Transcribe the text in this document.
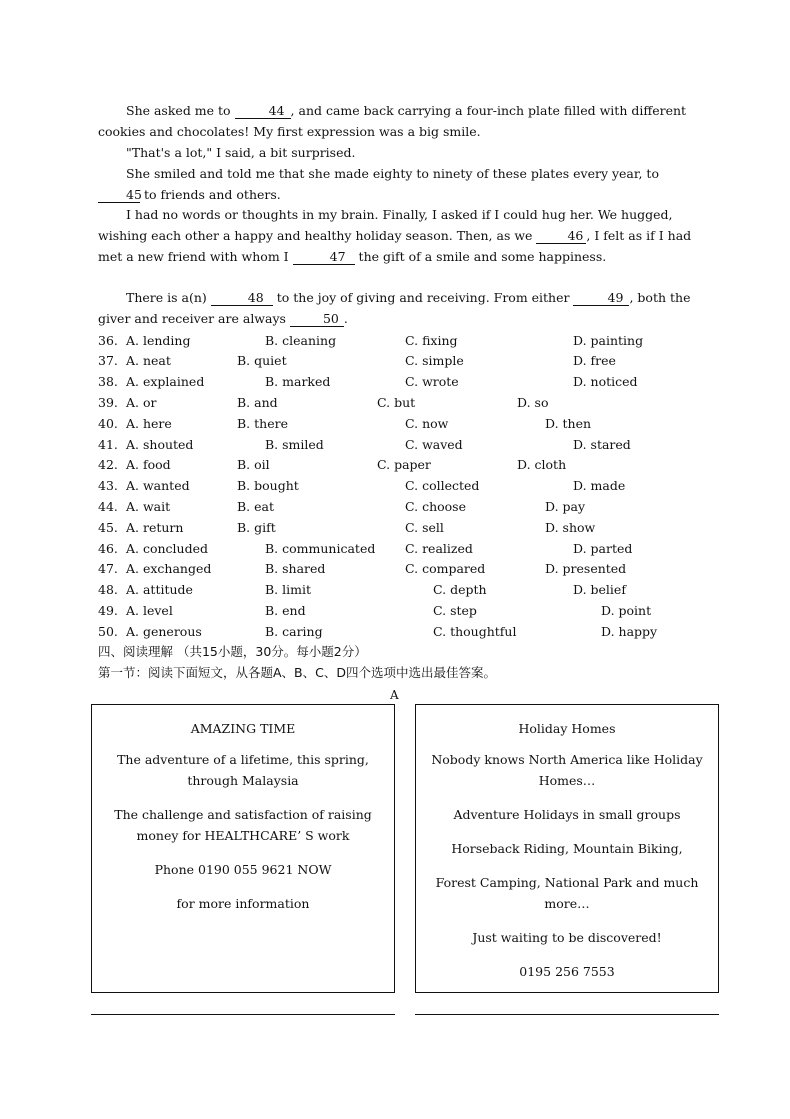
She asked me to	44 , and came back carrying a four-inch plate filled with different cookies and chocolates! My first expression was a big smile.

"That's a lot," I said, a bit surprised.

She smiled and told me that she made eighty to ninety of these plates every year, to 45 to friends and others.

I had no words or thoughts in my brain. Finally, I asked if I could hug her. We hugged, wishing each other a happy and healthy holiday season. Then, as we 46 , I felt as if I had met a new friend with whom I	47 the gift of a smile and some happiness.

There is a(n)	48 to the joy of giving and receiving. From either	49 , both the giver and receiver are always	50 .

36. A. lending	B. cleaning	C. fixing	D. painting
37. A. neat	B. quiet	C. simple	D. free
38. A. explained	B. marked	C. wrote	D. noticed
39. A. or	B. and	C. but	D. so
40. A. here	B. there	C. now	D. then
41. A. shouted	B. smiled	C. waved	D. stared
42. A. food	B. oil	C. paper	D. cloth
43. A. wanted	B. bought	C. collected	D. made
44. A. wait	B. eat	C. choose	D. pay
45. A. return	B. gift	C. sell	D. show
46. A. concluded	B. communicated C. realized	D. parted
47. A. exchanged	B. shared	C. compared	D. presented
48. A. attitude	B. limit	C. depth	D. belief
49. A. level	B. end	C. step	D. point
50. A. generous	B. caring	C. thoughtful	D. happy
四、阅读理解 （共15小题，30分。每小题2分）
第一节：阅读下面短文，从各题A、B、C、D四个选项中选出最佳答案。
A

AMAZING TIME

The adventure of a lifetime, this spring, through Malaysia

The challenge and satisfaction of raising money for HEALTHCARE’ S work

Phone 0190 055 9621 NOW

for more information

Holiday Homes

Nobody knows North America like Holiday Homes…

Adventure Holidays in small groups

Horseback Riding, Mountain Biking,

Forest Camping, National Park and much more…

Just waiting to be discovered!

0195 256 7553
